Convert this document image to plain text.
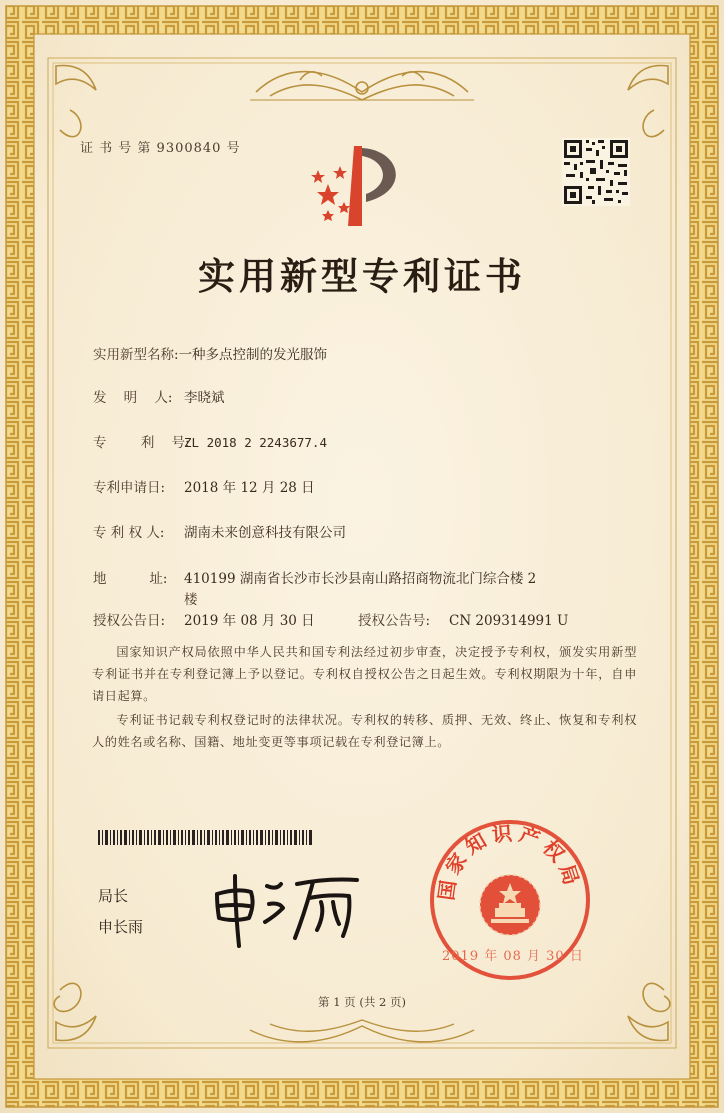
证 书 号 第 9300840 号
实用新型专利证书
实用新型名称:一种多点控制的发光服饰
发    明    人: 李晓斌
专        利    号:ZL 2018 2 2243677.4
专利申请日: 2018 年 12 月 28 日
专 利 权 人: 湖南未来创意科技有限公司
地          址: 410199 湖南省长沙市长沙县南山路招商物流北门综合楼 2
楼
授权公告日: 2019 年 08 月 30 日	授权公告号: CN 209314991 U
国家知识产权局依照中华人民共和国专利法经过初步审查，决定授予专利权，颁发实用新型专利证书并在专利登记簿上予以登记。专利权自授权公告之日起生效。专利权期限为十年，自申请日起算。
专利证书记载专利权登记时的法律状况。专利权的转移、质押、无效、终止、恢复和专利权人的姓名或名称、国籍、地址变更等事项记载在专利登记簿上。
局长
申长雨
国家知识产权局
2019 年 08 月 30 日
第 1 页 (共 2 页)
